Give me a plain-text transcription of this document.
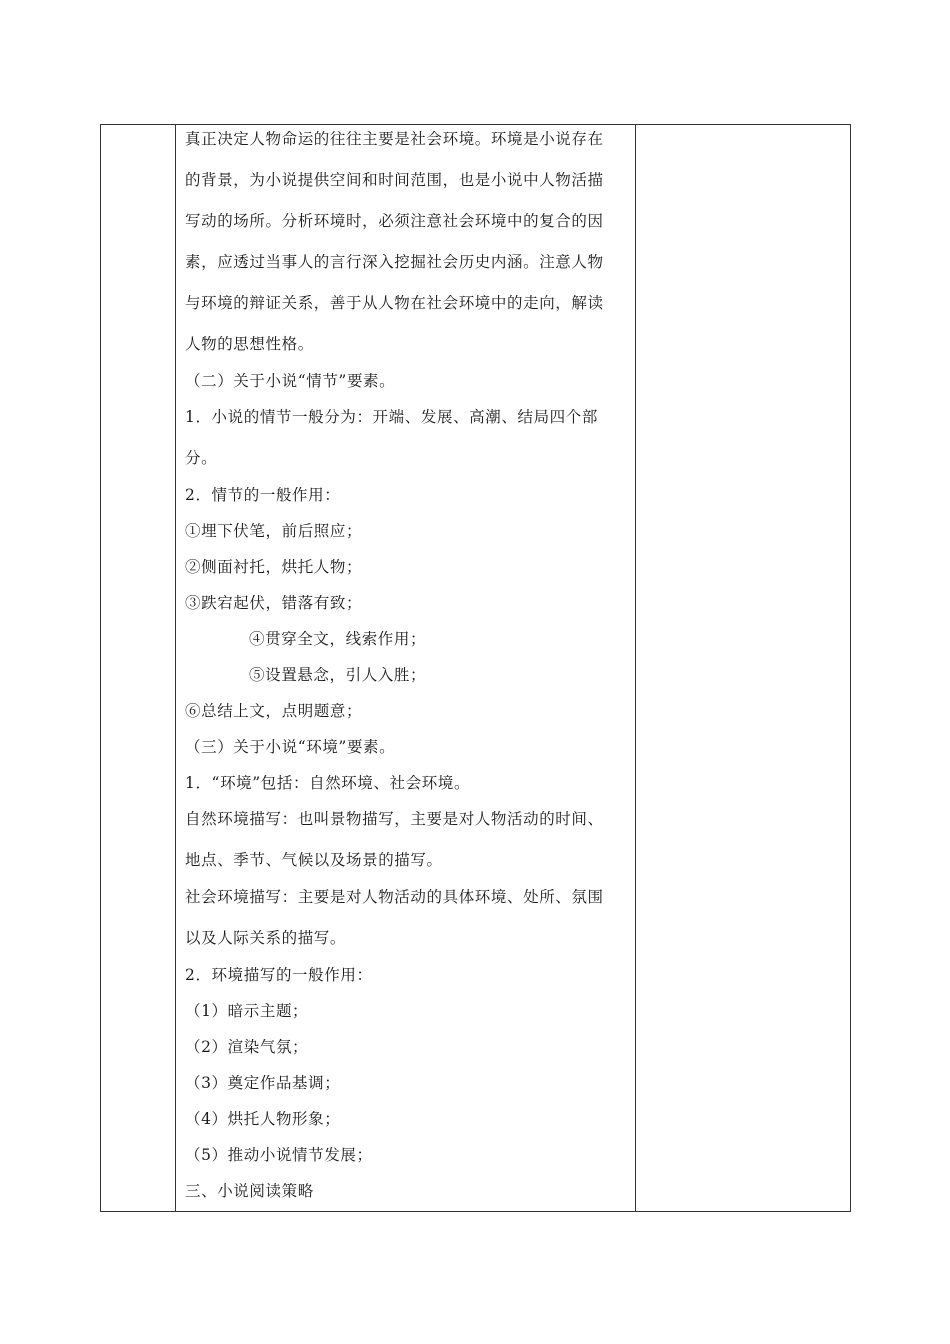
真正决定人物命运的往往主要是社会环境。环境是小说存在
的背景，为小说提供空间和时间范围，也是小说中人物活描
写动的场所。分析环境时，必须注意社会环境中的复合的因
素，应透过当事人的言行深入挖掘社会历史内涵。注意人物
与环境的辩证关系，善于从人物在社会环境中的走向，解读
人物的思想性格。
（二）关于小说“情节”要素。
1．小说的情节一般分为：开端、发展、高潮、结局四个部
分。
2．情节的一般作用：
①埋下伏笔，前后照应；
②侧面衬托，烘托人物；
③跌宕起伏，错落有致；
④贯穿全文，线索作用；
⑤设置悬念，引人入胜；
⑥总结上文，点明题意；
（三）关于小说“环境”要素。
1．“环境”包括：自然环境、社会环境。
自然环境描写：也叫景物描写，主要是对人物活动的时间、
地点、季节、气候以及场景的描写。
社会环境描写：主要是对人物活动的具体环境、处所、氛围
以及人际关系的描写。
2．环境描写的一般作用：
（1）暗示主题；
（2）渲染气氛；
（3）奠定作品基调；
（4）烘托人物形象；
（5）推动小说情节发展；
三、小说阅读策略
